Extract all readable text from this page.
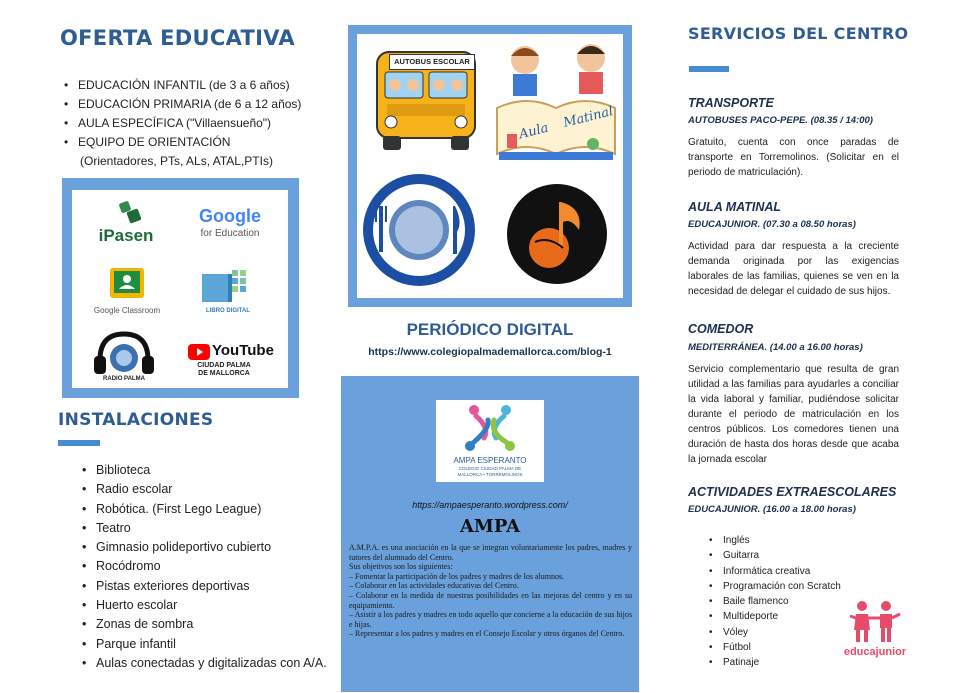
OFERTA EDUCATIVA
• EDUCACIÓN INFANTIL (de 3 a 6 años)
• EDUCACIÓN PRIMARIA (de 6 a 12 años)
• AULA ESPECÍFICA ("Villaensueño")
• EQUIPO DE ORIENTACIÓN
(Orientadores, PTs, ALs, ATAL,PTIs)
iPasen
Google
for Education
Google Classroom	LIBRO DIGITAL
RADIO PALMA
YouTube
CIUDAD PALMA
DE MALLORCA
INSTALACIONES
• Biblioteca
• Radio escolar
• Robótica. (First Lego League)
• Teatro
• Gimnasio polideportivo cubierto
• Rocódromo
• Pistas exteriores deportivas
• Huerto escolar
• Zonas de sombra
• Parque infantil
• Aulas conectadas y digitalizadas con A/A.
AUTOBUS ESCOLAR
Aula
Matinal
PERIÓDICO DIGITAL
https://www.colegiopalmademallorca.com/blog-1
AMPA ESPERANTO
COLEGIO CIUDAD PALMA DE
MALLORCA • TORREMOLINOS
https://ampaesperanto.wordpress.com/
AMPA
A.M.P.A. es una asociación en la que se integran voluntariamente los padres, madres y tutores del alumnado del Centro.
Sus objetivos son los siguientes:
– Fomentar la participación de los padres y madres de los alumnos.
– Colaborar en las actividades educativas del Centro.
– Colaborar en la medida de nuestras posibilidades en las mejoras del centro y en su equipamiento.
– Asistir a los padres y madres en todo aquello que concierne a la educación de sus hijos e hijas.
– Representar a los padres y madres en el Consejo Escolar y otros órganos del Centro.
SERVICIOS DEL CENTRO
TRANSPORTE
AUTOBUSES PACO-PEPE. (08.35 / 14:00)
Gratuito, cuenta con once paradas de transporte en Torremolinos. (Solicitar en el periodo de matriculación).
AULA MATINAL
EDUCAJUNIOR. (07.30 a 08.50 horas)
Actividad para dar respuesta a la creciente demanda originada por las exigencias laborales de las familias, quienes se ven en la necesidad de delegar el cuidado de sus hijos.
COMEDOR
MEDITERRÁNEA. (14.00 a 16.00 horas)
Servicio complementario que resulta de gran utilidad a las familias para ayudarles a conciliar la vida laboral y familiar, pudiéndose solicitar durante el periodo de matriculación en los centros públicos. Los comedores tienen una duración de hasta dos horas desde que acaba la jornada escolar
ACTIVIDADES EXTRAESCOLARES
EDUCAJUNIOR. (16.00 a 18.00 horas)
• Inglés
• Guitarra
• Informática creativa
• Programación con Scratch
• Baile flamenco
• Multideporte
• Vóley
• Fútbol
• Patinaje
educajunior
